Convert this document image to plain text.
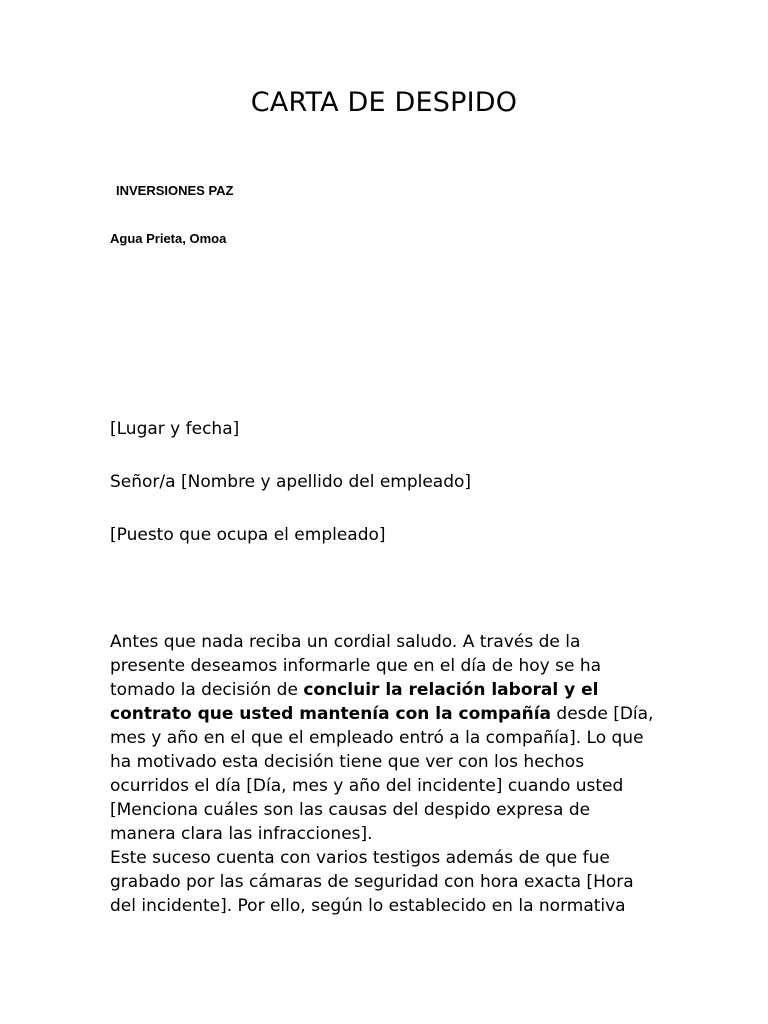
CARTA DE DESPIDO
INVERSIONES PAZ
Agua Prieta, Omoa
[Lugar y fecha]
Señor/a [Nombre y apellido del empleado]
[Puesto que ocupa el empleado]

Antes que nada reciba un cordial saludo. A través de la presente deseamos informarle que en el día de hoy se ha tomado la decisión de concluir la relación laboral y el contrato que usted mantenía con la compañía desde [Día, mes y año en el que el empleado entró a la compañía]. Lo que ha motivado esta decisión tiene que ver con los hechos ocurridos el día [Día, mes y año del incidente] cuando usted [Menciona cuáles son las causas del despido expresa de manera clara las infracciones].

Este suceso cuenta con varios testigos además de que fue grabado por las cámaras de seguridad con hora exacta [Hora del incidente]. Por ello, según lo establecido en la normativa
